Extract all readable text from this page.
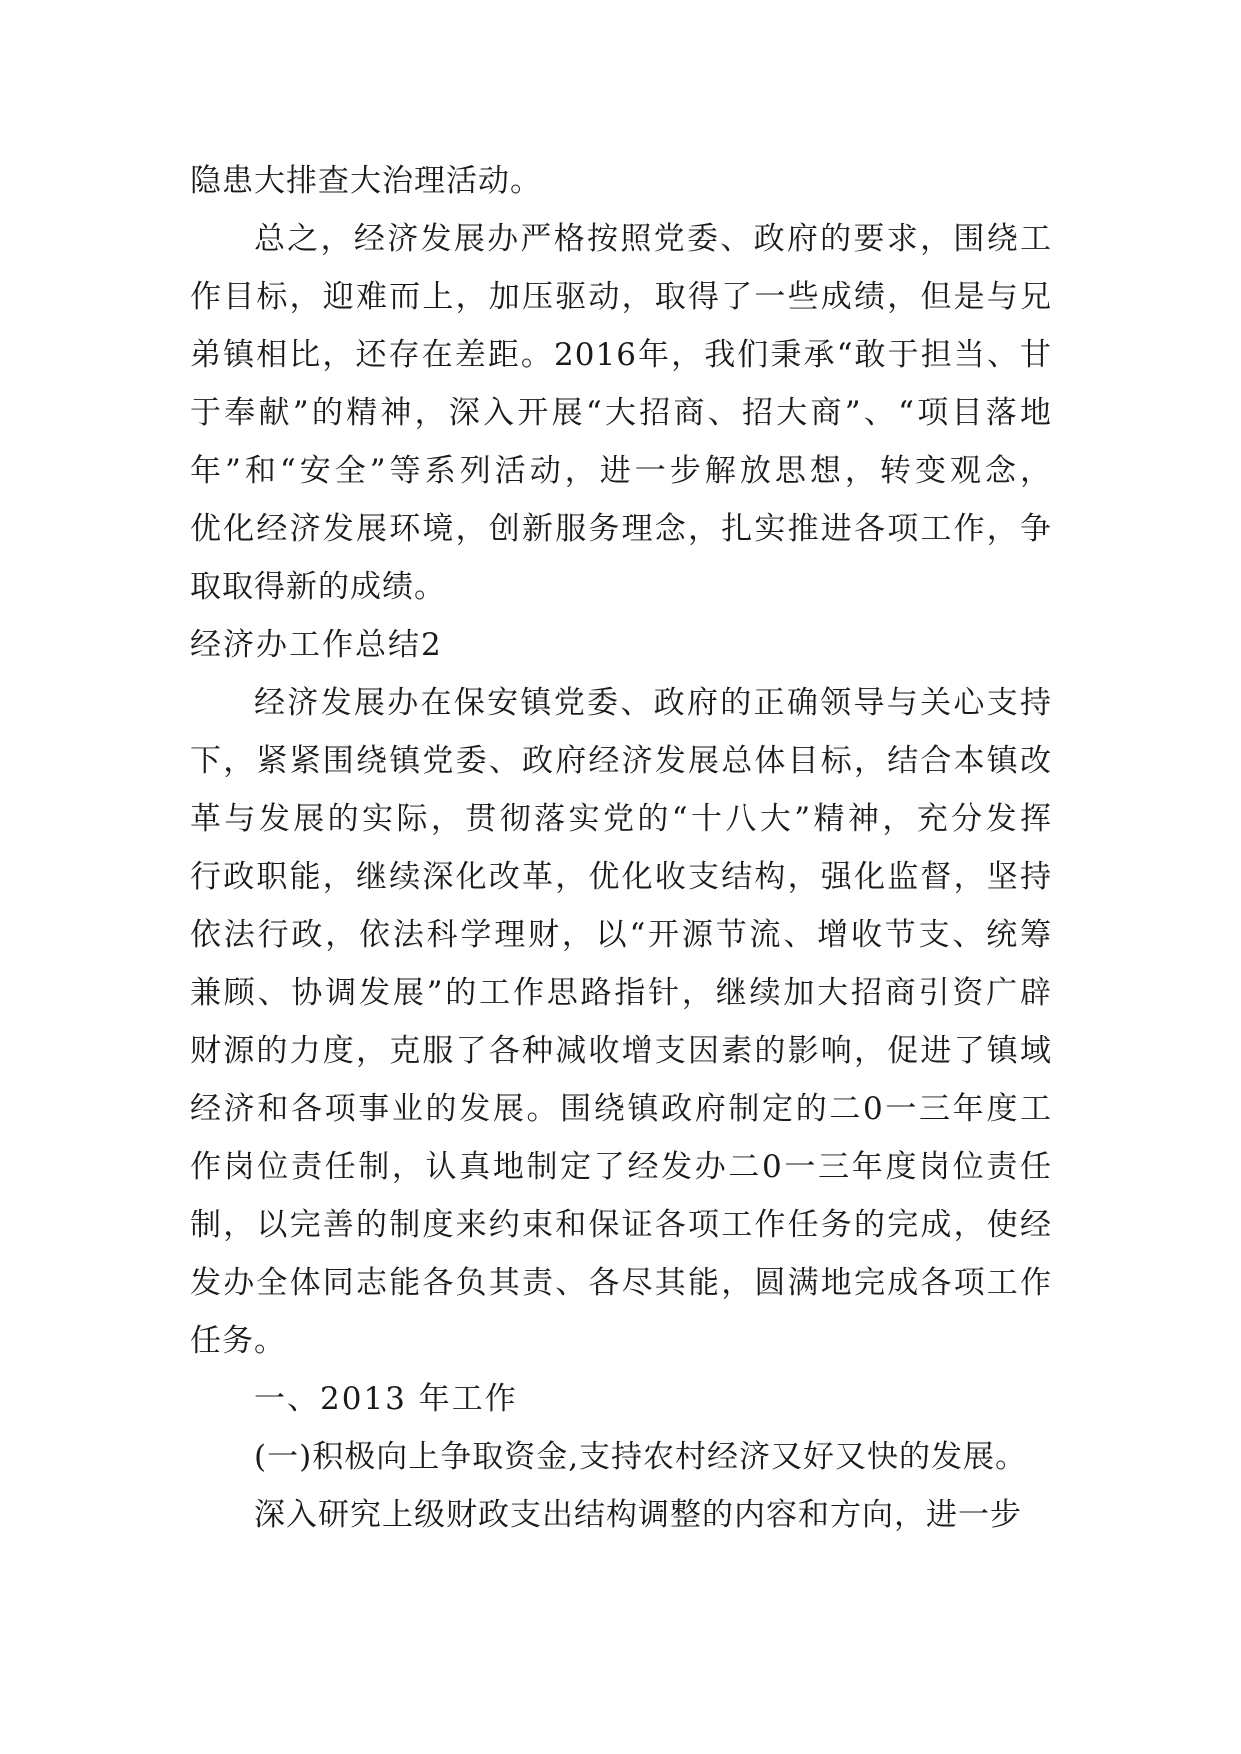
隐患大排查大治理活动。
总之，经济发展办严格按照党委、政府的要求，围绕工
作目标，迎难而上，加压驱动，取得了一些成绩，但是与兄
弟镇相比，还存在差距。2016年，我们秉承“敢于担当、甘
于奉献”的精神，深入开展“大招商、招大商”、“项目落地
年”和“安全”等系列活动，进一步解放思想，转变观念，
优化经济发展环境，创新服务理念，扎实推进各项工作，争
取取得新的成绩。
经济办工作总结2
经济发展办在保安镇党委、政府的正确领导与关心支持
下，紧紧围绕镇党委、政府经济发展总体目标，结合本镇改
革与发展的实际，贯彻落实党的“十八大”精神，充分发挥
行政职能，继续深化改革，优化收支结构，强化监督，坚持
依法行政，依法科学理财，以“开源节流、增收节支、统筹
兼顾、协调发展”的工作思路指针，继续加大招商引资广辟
财源的力度，克服了各种减收增支因素的影响，促进了镇域
经济和各项事业的发展。围绕镇政府制定的二0一三年度工
作岗位责任制，认真地制定了经发办二0一三年度岗位责任
制，以完善的制度来约束和保证各项工作任务的完成，使经
发办全体同志能各负其责、各尽其能，圆满地完成各项工作
任务。
一、2013 年工作
(一)积极向上争取资金,支持农村经济又好又快的发展。
深入研究上级财政支出结构调整的内容和方向，进一步
